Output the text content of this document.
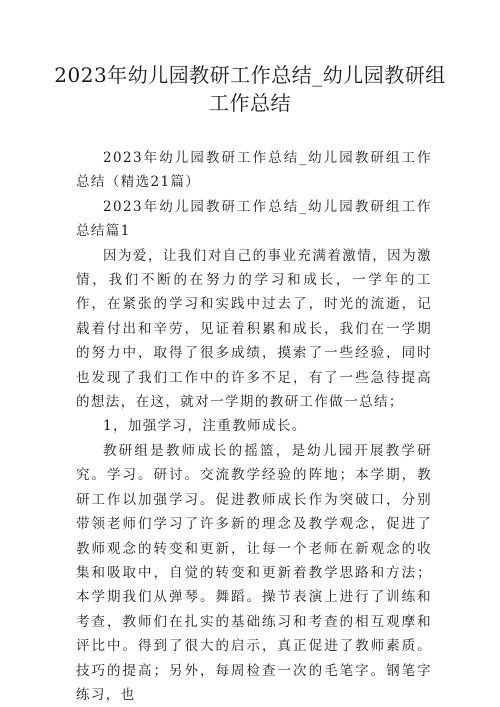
2023年幼儿园教研工作总结_幼儿园教研组
工作总结

2023年幼儿园教研工作总结_幼儿园教研组工作总结（精选21篇）

2023年幼儿园教研工作总结_幼儿园教研组工作总结篇1

因为爱，让我们对自己的事业充满着激情，因为激情，我们不断的在努力的学习和成长，一学年的工作，在紧张的学习和实践中过去了，时光的流逝，记载着付出和辛劳，见证着积累和成长，我们在一学期的努力中，取得了很多成绩，摸索了一些经验，同时也发现了我们工作中的许多不足，有了一些急待提高的想法，在这，就对一学期的教研工作做一总结；

1，加强学习，注重教师成长。

教研组是教师成长的摇篮，是幼儿园开展教学研究。学习。研讨。交流教学经验的阵地；本学期，教研工作以加强学习。促进教师成长作为突破口，分别带领老师们学习了许多新的理念及教学观念，促进了教师观念的转变和更新，让每一个老师在新观念的收集和吸取中，自觉的转变和更新着教学思路和方法；本学期我们从弹琴。舞蹈。操节表演上进行了训练和考查，教师们在扎实的基础练习和考查的相互观摩和评比中。得到了很大的启示，真正促进了教师素质。技巧的提高；另外，每周检查一次的毛笔字。钢笔字练习，也
